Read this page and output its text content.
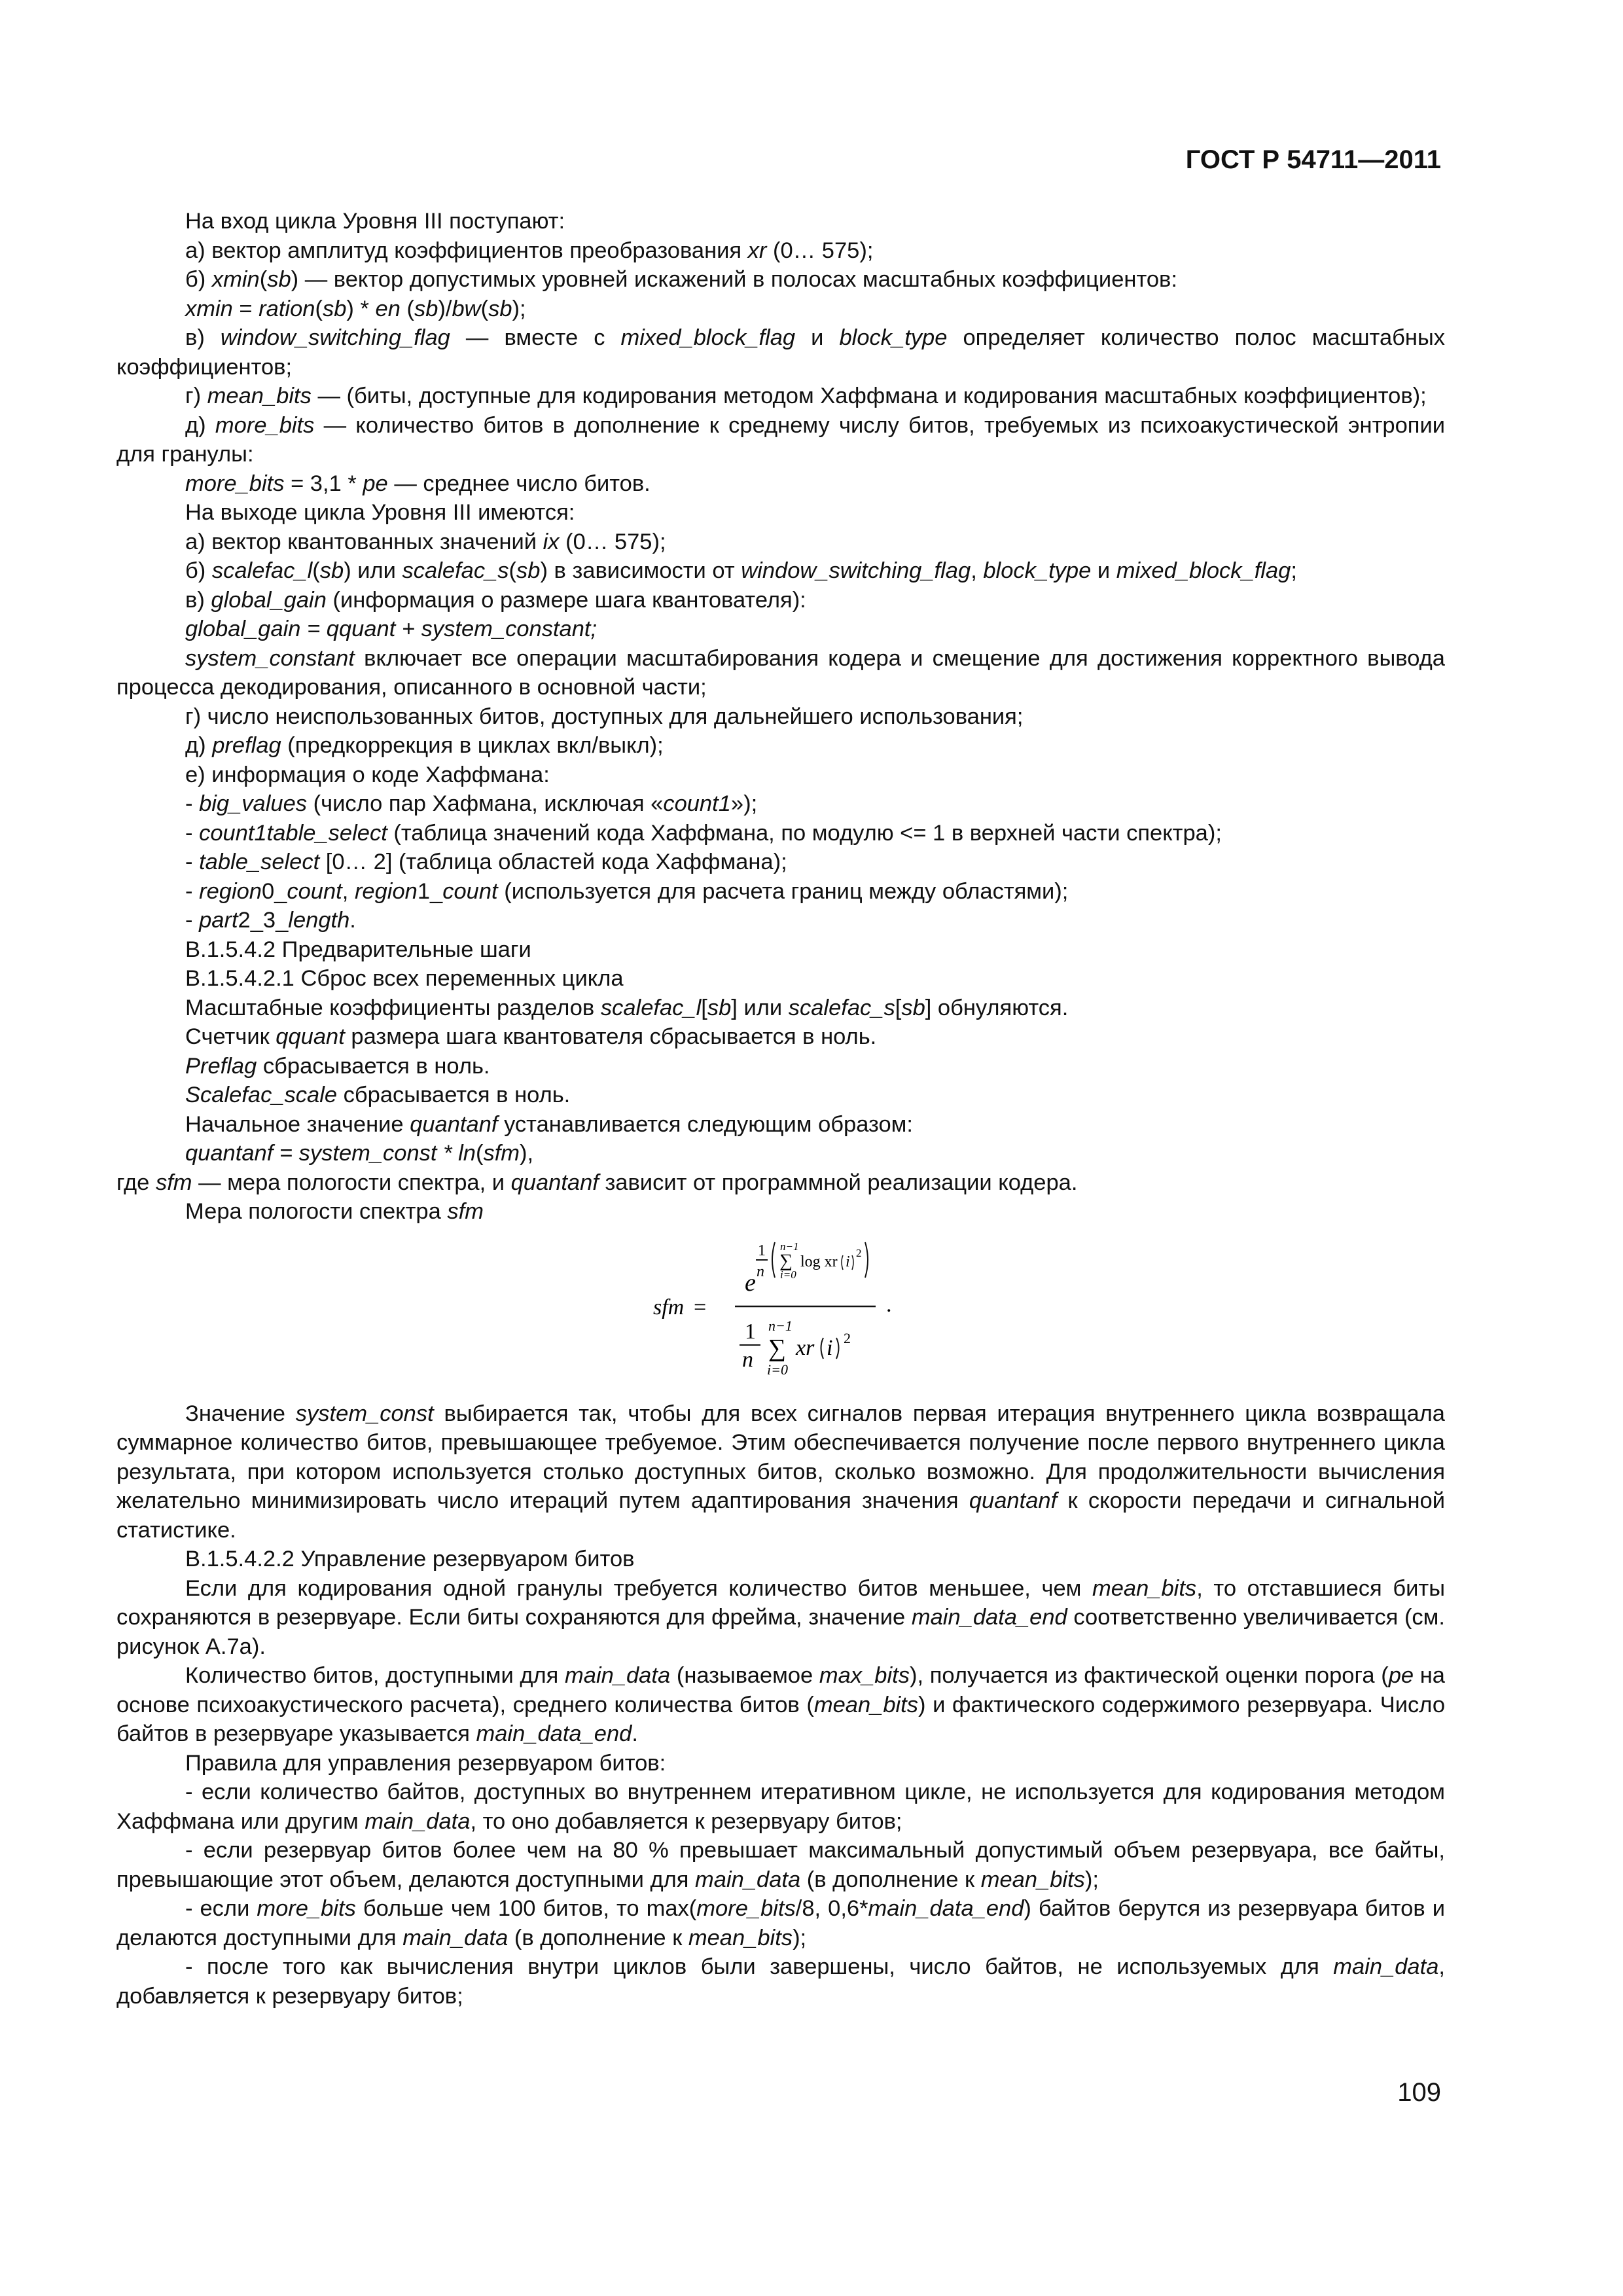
ГОСТ Р 54711—2011

На вход цикла Уровня III поступают:

а) вектор амплитуд коэффициентов преобразования xr (0… 575);

б) xmin(sb) — вектор допустимых уровней искажений в полосах масштабных коэффициентов:

xmin = ration(sb) * en (sb)/bw(sb);

в) window_switching_flag — вместе с mixed_block_flag и block_type определяет количество полос масштабных коэффициентов;

г) mean_bits — (биты, доступные для кодирования методом Хаффмана и кодирования масштабных коэффициентов);

д) more_bits — количество битов в дополнение к среднему числу битов, требуемых из психоакустической энтропии для гранулы:

more_bits = 3,1 * pe — среднее число битов.

На выходе цикла Уровня III имеются:

а) вектор квантованных значений ix (0… 575);

б) scalefac_l(sb) или scalefac_s(sb) в зависимости от window_switching_flag, block_type и mixed_block_flag;

в) global_gain (информация о размере шага квантователя):

global_gain = qquant + system_constant;

system_constant включает все операции масштабирования кодера и смещение для достижения корректного вывода процесса декодирования, описанного в основной части;

г) число неиспользованных битов, доступных для дальнейшего использования;

д) preflag (предкоррекция в циклах вкл/выкл);

е) информация о коде Хаффмана:

- big_values (число пар Хафмана, исключая «count1»);

- count1table_select (таблица значений кода Хаффмана, по модулю <= 1 в верхней части спектра);

- table_select [0… 2] (таблица областей кода Хаффмана);

- region0_count, region1_count (используется для расчета границ между областями);

- part2_3_length.

В.1.5.4.2 Предварительные шаги

В.1.5.4.2.1 Сброс всех переменных цикла

Масштабные коэффициенты разделов scalefac_l[sb] или scalefac_s[sb] обнуляются.

Счетчик qquant размера шага квантователя сбрасывается в ноль.

Preflag сбрасывается в ноль.

Scalefac_scale сбрасывается в ноль.

Начальное значение quantanf устанавливается следующим образом:

quantanf = system_const * ln(sfm),

где sfm — мера пологости спектра, и quantanf зависит от программной реализации кодера.

Мера пологости спектра sfm

sfm =
e
1
n
n−1
∑
i=0
log xr i
2
1
n
n−1
∑
i=0
xr i 2
.

Значение system_const выбирается так, чтобы для всех сигналов первая итерация внутреннего цикла возвращала суммарное количество битов, превышающее требуемое. Этим обеспечивается получение после первого внутреннего цикла результата, при котором используется столько доступных битов, сколько возможно. Для продолжительности вычисления желательно минимизировать число итераций путем адаптирования значения quantanf к скорости передачи и сигнальной статистике.

В.1.5.4.2.2 Управление резервуаром битов

Если для кодирования одной гранулы требуется количество битов меньшее, чем mean_bits, то отставшиеся биты сохраняются в резервуаре. Если биты сохраняются для фрейма, значение main_data_end соответственно увеличивается (см. рисунок А.7а).

Количество битов, доступными для main_data (называемое max_bits), получается из фактической оценки порога (pe на основе психоакустического расчета), среднего количества битов (mean_bits) и фактического содержимого резервуара. Число байтов в резервуаре указывается main_data_end.

Правила для управления резервуаром битов:

- если количество байтов, доступных во внутреннем итеративном цикле, не используется для кодирования методом Хаффмана или другим main_data, то оно добавляется к резервуару битов;

- если резервуар битов более чем на 80 % превышает максимальный допустимый объем резервуара, все байты, превышающие этот объем, делаются доступными для main_data (в дополнение к mean_bits);

- если more_bits больше чем 100 битов, то max(more_bits/8, 0,6*main_data_end) байтов берутся из резервуара битов и делаются доступными для main_data (в дополнение к mean_bits);

- после того как вычисления внутри циклов были завершены, число байтов, не используемых для main_data, добавляется к резервуару битов;

109
